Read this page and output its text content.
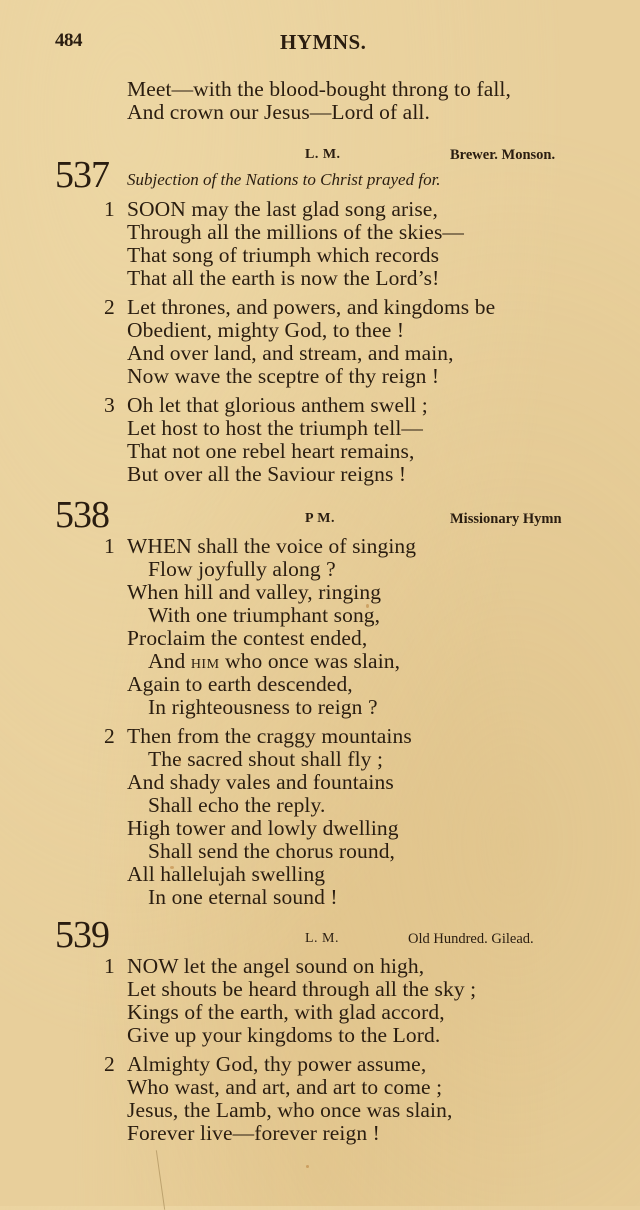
484	HYMNS.
Meet—with the blood-bought throng to fall,
And crown our Jesus—Lord of all.
L. M.	Brewer. Monson.
537 Subjection of the Nations to Christ prayed for.
1 SOON may the last glad song arise,
Through all the millions of the skies—
That song of triumph which records
That all the earth is now the Lord’s!
2 Let thrones, and powers, and kingdoms be
Obedient, mighty God, to thee !
And over land, and stream, and main,
Now wave the sceptre of thy reign !
3 Oh let that glorious anthem swell ;
Let host to host the triumph tell—
That not one rebel heart remains,
But over all the Saviour reigns !
538	P M.	Missionary Hymn
1 WHEN shall the voice of singing
Flow joyfully along ?
When hill and valley, ringing
With one triumphant song,
Proclaim the contest ended,
And him who once was slain,
Again to earth descended,
In righteousness to reign ?
2 Then from the craggy mountains
The sacred shout shall fly ;
And shady vales and fountains
Shall echo the reply.
High tower and lowly dwelling
Shall send the chorus round,
All hallelujah swelling
In one eternal sound !
539	L. M.	Old Hundred. Gilead.
1 NOW let the angel sound on high,
Let shouts be heard through all the sky ;
Kings of the earth, with glad accord,
Give up your kingdoms to the Lord.
2 Almighty God, thy power assume,
Who wast, and art, and art to come ;
Jesus, the Lamb, who once was slain,
Forever live—forever reign !
